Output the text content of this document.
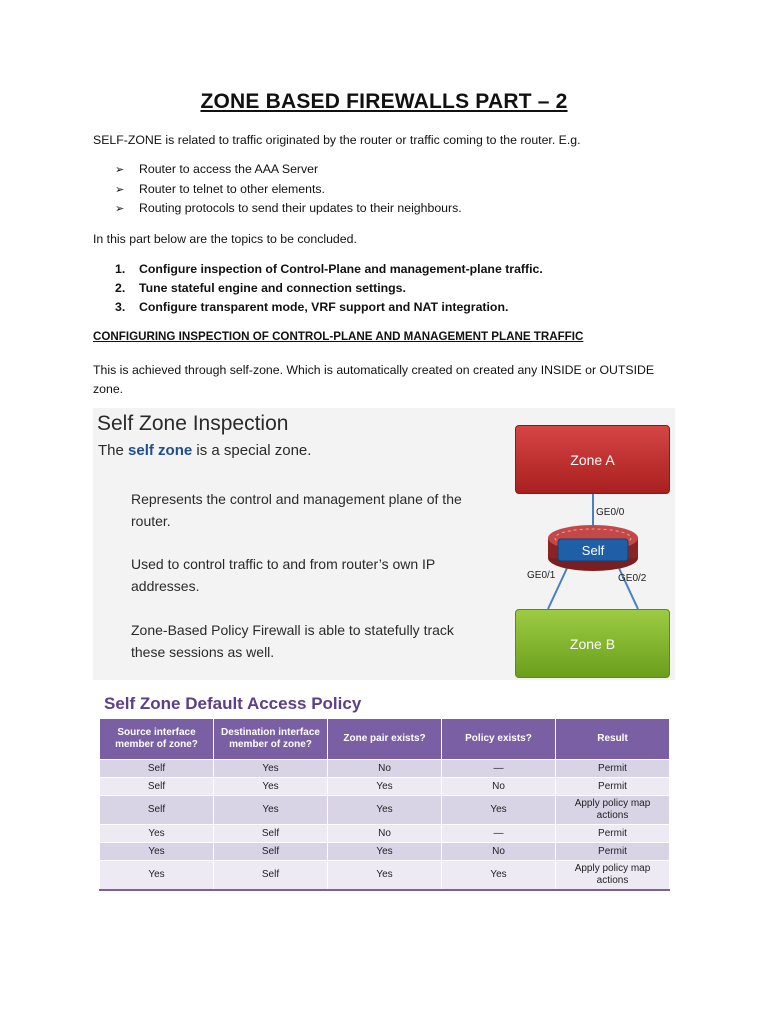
ZONE BASED FIREWALLS PART – 2

SELF-ZONE is related to traffic originated by the router or traffic coming to the router. E.g.

➢ Router to access the AAA Server
➢ Router to telnet to other elements.
➢ Routing protocols to send their updates to their neighbours.

In this part below are the topics to be concluded.

1. Configure inspection of Control-Plane and management-plane traffic.
2. Tune stateful engine and connection settings.
3. Configure transparent mode, VRF support and NAT integration.
CONFIGURING INSPECTION OF CONTROL-PLANE AND MANAGEMENT PLANE TRAFFIC

This is achieved through self-zone. Which is automatically created on created any INSIDE or OUTSIDE zone.

Self Zone Inspection
The self zone is a special zone.

Represents the control and management plane of the router.

Used to control traffic to and from router’s own IP addresses.

Zone-Based Policy Firewall is able to statefully track these sessions as well.

Zone A
Zone B
Self
GE0/0
GE0/1	GE0/2
Self Zone Default Access Policy
Source interface member of zone?	Destination interface member of zone?	Zone pair exists?	Policy exists?	Result
Self	Yes	No	—	Permit
Self	Yes	Yes	No	Permit
Self	Yes	Yes	Yes	Apply policy map actions
Yes	Self	No	—	Permit
Yes	Self	Yes	No	Permit
Yes	Self	Yes	Yes	Apply policy map actions
